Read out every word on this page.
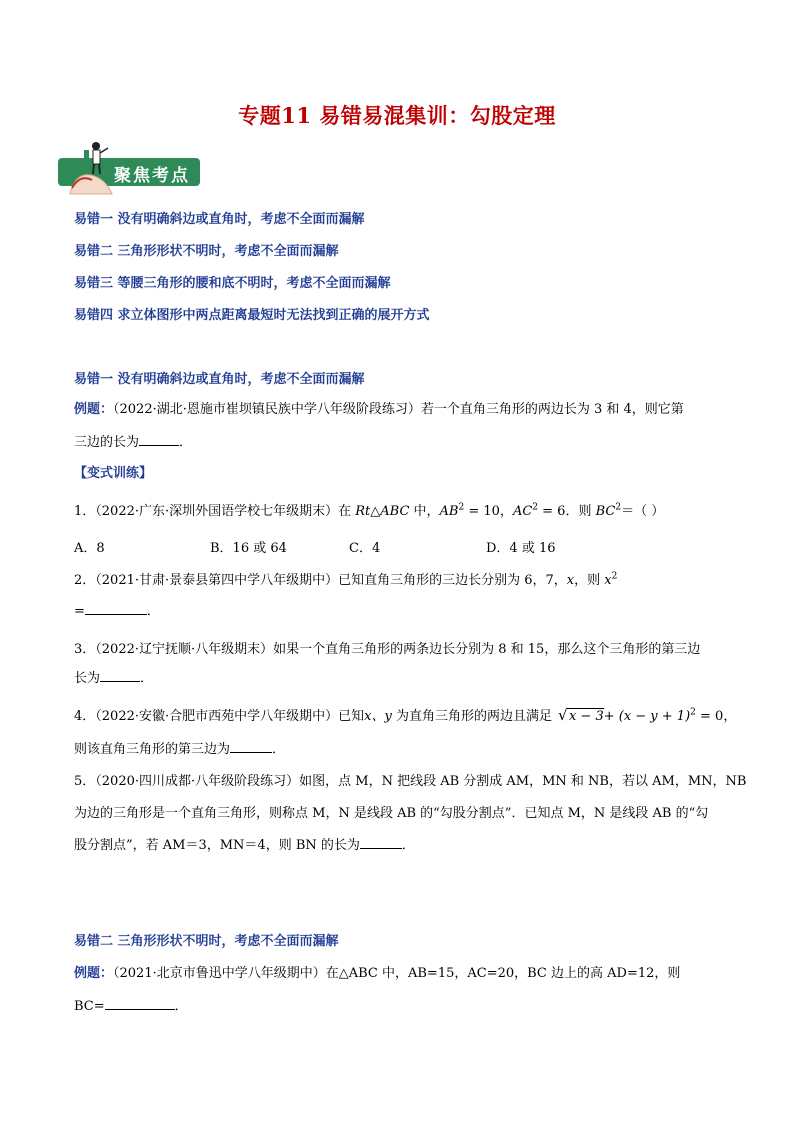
专题11 易错易混集训：勾股定理
聚焦考点
易错一 没有明确斜边或直角时，考虑不全面而漏解
易错二 三角形形状不明时，考虑不全面而漏解
易错三 等腰三角形的腰和底不明时，考虑不全面而漏解
易错四 求立体图形中两点距离最短时无法找到正确的展开方式
易错一 没有明确斜边或直角时，考虑不全面而漏解
例题：（2022·湖北·恩施市崔坝镇民族中学八年级阶段练习）若一个直角三角形的两边长为 3 和 4，则它第
三边的长为	．
【变式训练】
1．（2022·广东·深圳外国语学校七年级期末）在 Rt△ABC 中，$AB^2 = 10$，$AC^2 = 6$．则 $BC^2=$（ ）
A．8	B．16 或 64	C．4	D．4 或 16
2．（2021·甘肃·景泰县第四中学八年级期中）已知直角三角形的三边长分别为 6，7，x，则 $x^2$
=	．
3．（2022·辽宁抚顺·八年级期末）如果一个直角三角形的两条边长分别为 8 和 15，那么这个三角形的第三边
长为	．
4．（2022·安徽·合肥市西苑中学八年级期中）已知x、y 为直角三角形的两边且满足 √ $x - 3+ (x - y + 1)^2 = 0$，
则该直角三角形的第三边为	．
5．（2020·四川成都·八年级阶段练习）如图，点 M，N 把线段 AB 分割成 AM，MN 和 NB，若以 AM，MN，NB
为边的三角形是一个直角三角形，则称点 M，N 是线段 AB 的“勾股分割点”．已知点 M，N 是线段 AB 的“勾
股分割点”，若 AM＝3，MN＝4，则 BN 的长为	．
易错二 三角形形状不明时，考虑不全面而漏解
例题：（2021·北京市鲁迅中学八年级期中）在△ABC 中，AB=15，AC=20，BC 边上的高 AD=12，则
BC=	．
